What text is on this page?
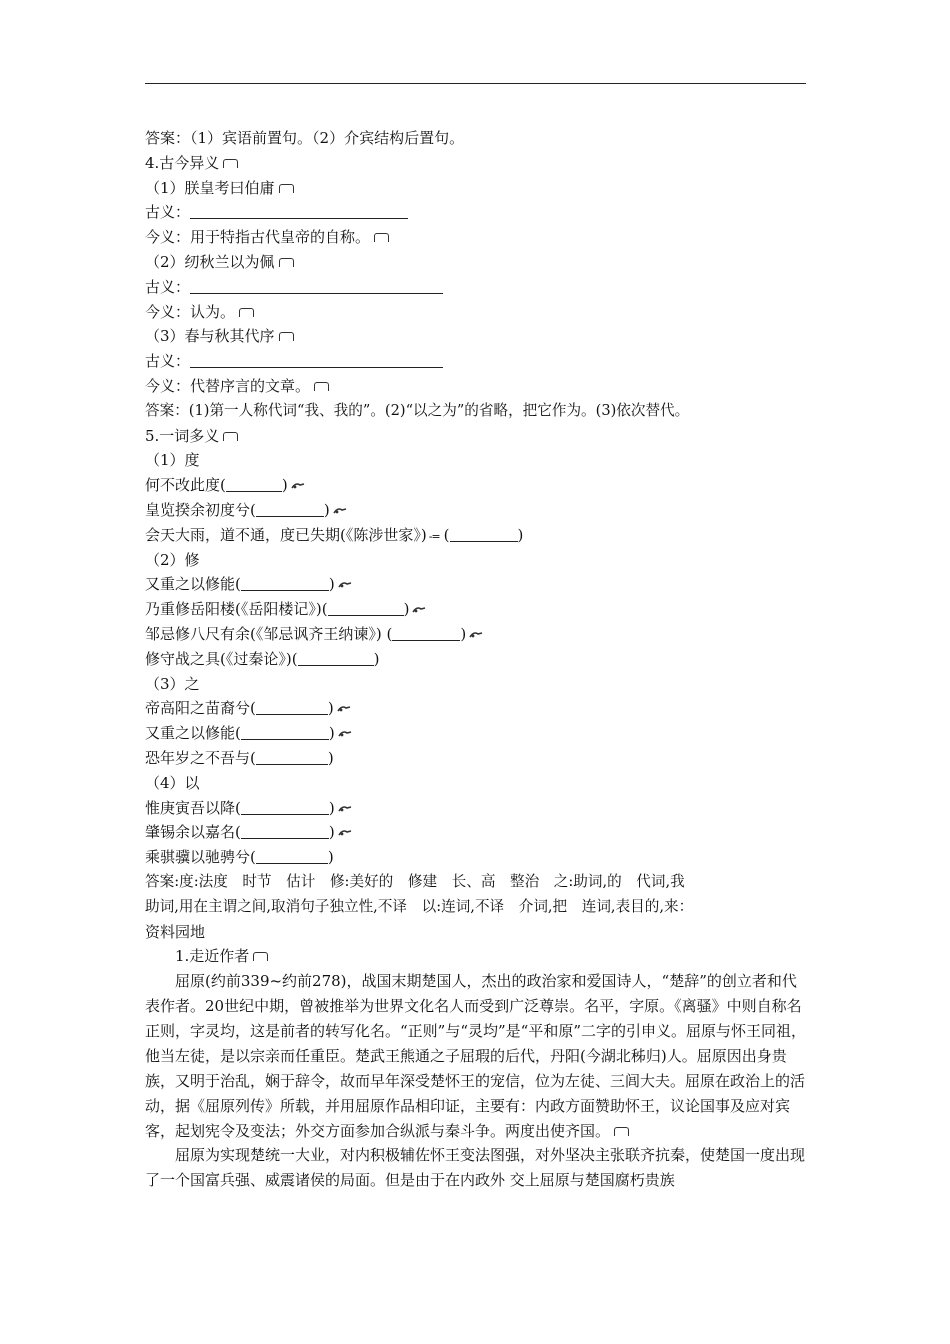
答案：（1）宾语前置句。（2）介宾结构后置句。
4.古今异义
（1）朕皇考曰伯庸
古义：
今义：用于特指古代皇帝的自称。
（2）纫秋兰以为佩
古义：
今义：认为。
（3）春与秋其代序
古义：
今义：代替序言的文章。
答案：(1)第一人称代词“我、我的”。(2)“以之为”的省略，把它作为。(3)依次替代。
5.一词多义
（1）度
何不改此度(	)
皇览揆余初度兮(	)
会天大雨，道不通，度已失期(《陈涉世家》) -= (	)
（2）修
又重之以修能(	)
乃重修岳阳楼(《岳阳楼记》)(	)
邹忌修八尺有余(《邹忌讽齐王纳谏》) (	)
修守战之具(《过秦论》)(	)
（3）之
帝高阳之苗裔兮(	)
又重之以修能(	)
恐年岁之不吾与(	)
（4）以
惟庚寅吾以降(	)
肇锡余以嘉名(	)
乘骐骥以驰骋兮(	)
答案:度:法度　时节　估计　修:美好的　修建　长、高　整治　之:助词,的　代词,我
助词,用在主谓之间,取消句子独立性,不译　以:连词,不译　介词,把　连词,表目的,来：
资料园地
1.走近作者

屈原(约前339~约前278)，战国末期楚国人，杰出的政治家和爱国诗人，“楚辞”的创立者和代表作者。20世纪中期，曾被推举为世界文化名人而受到广泛尊崇。名平，字原。《离骚》中则自称名正则，字灵均，这是前者的转写化名。“正则”与“灵均”是“平和原”二字的引申义。屈原与怀王同祖，他当左徒，是以宗亲而任重臣。楚武王熊通之子屈瑕的后代，丹阳(今湖北秭归)人。屈原因出身贵族，又明于治乱，娴于辞令，故而早年深受楚怀王的宠信，位为左徒、三闾大夫。屈原在政治上的活动，据《屈原列传》所载，并用屈原作品相印证，主要有：内政方面赞助怀王，议论国事及应对宾客，起划宪令及变法；外交方面参加合纵派与秦斗争。两度出使齐国。

屈原为实现楚统一大业，对内积极辅佐怀王变法图强，对外坚决主张联齐抗秦，使楚国一度出现了一个国富兵强、威震诸侯的局面。但是由于在内政外 交上屈原与楚国腐朽贵族
